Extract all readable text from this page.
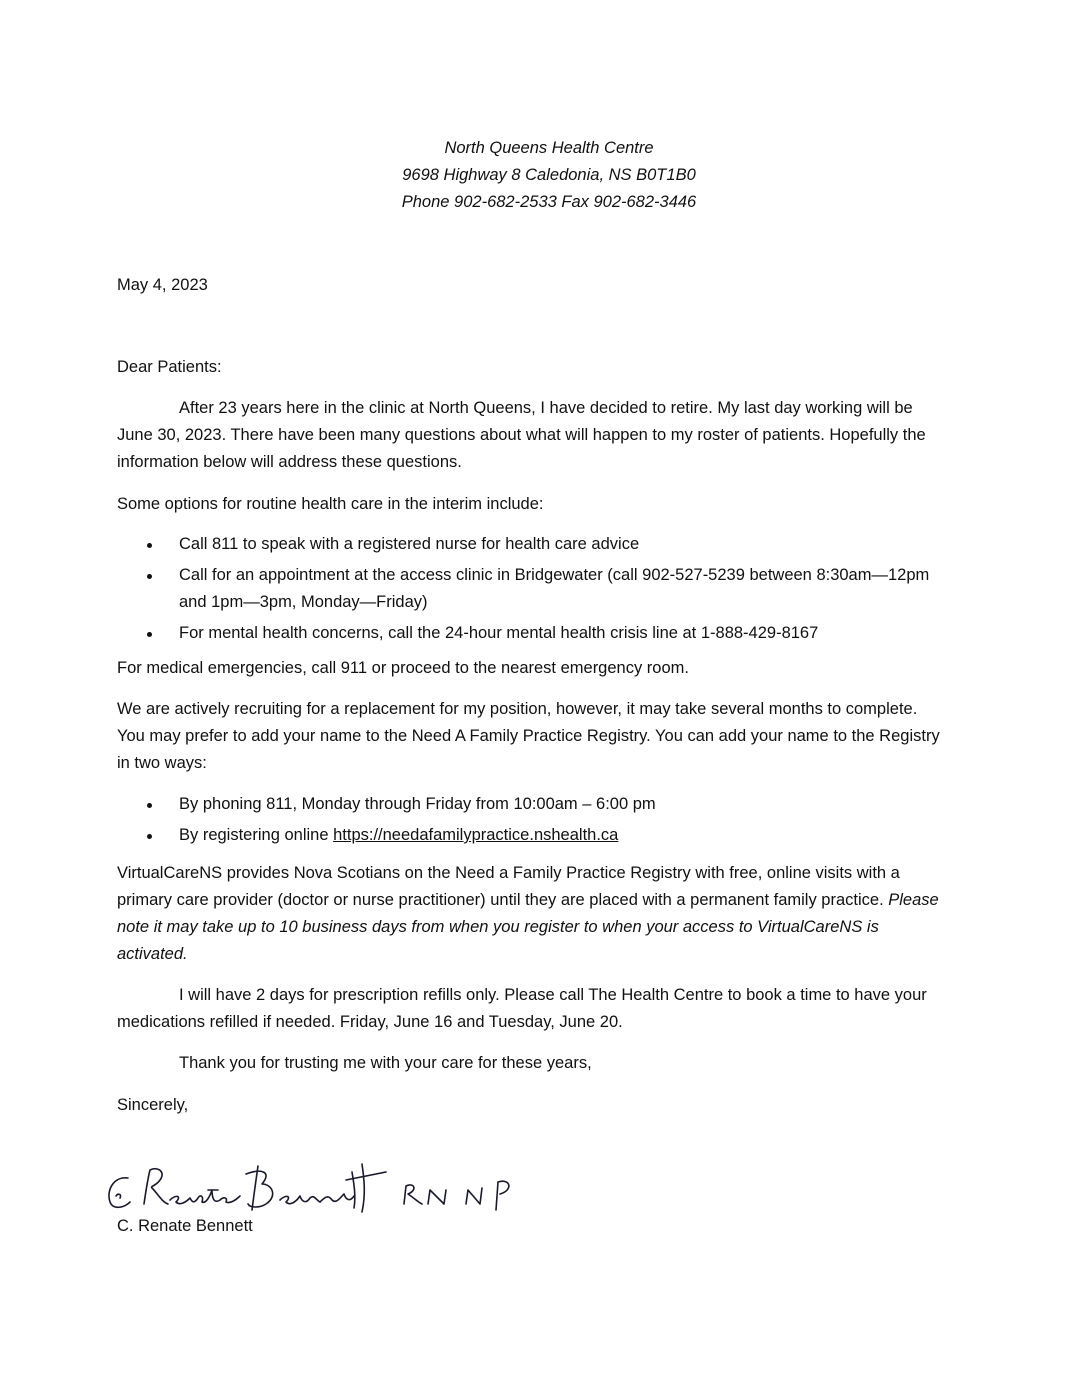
North Queens Health Centre
9698 Highway 8 Caledonia, NS B0T1B0
Phone 902-682-2533 Fax 902-682-3446
May 4, 2023
Dear Patients:
After 23 years here in the clinic at North Queens, I have decided to retire. My last day working will be June 30, 2023. There have been many questions about what will happen to my roster of patients. Hopefully the information below will address these questions.
Some options for routine health care in the interim include:
Call 811 to speak with a registered nurse for health care advice
Call for an appointment at the access clinic in Bridgewater (call 902-527-5239 between 8:30am—12pm and 1pm—3pm, Monday—Friday)
For mental health concerns, call the 24-hour mental health crisis line at 1-888-429-8167
For medical emergencies, call 911 or proceed to the nearest emergency room.
We are actively recruiting for a replacement for my position, however, it may take several months to complete. You may prefer to add your name to the Need A Family Practice Registry. You can add your name to the Registry in two ways:
By phoning 811, Monday through Friday from 10:00am – 6:00 pm
By registering online https://needafamilypractice.nshealth.ca
VirtualCareNS provides Nova Scotians on the Need a Family Practice Registry with free, online visits with a primary care provider (doctor or nurse practitioner) until they are placed with a permanent family practice. Please note it may take up to 10 business days from when you register to when your access to VirtualCareNS is activated.
I will have 2 days for prescription refills only. Please call The Health Centre to book a time to have your medications refilled if needed. Friday, June 16 and Tuesday, June 20.
Thank you for trusting me with your care for these years,
Sincerely,
C. Renate Bennett
